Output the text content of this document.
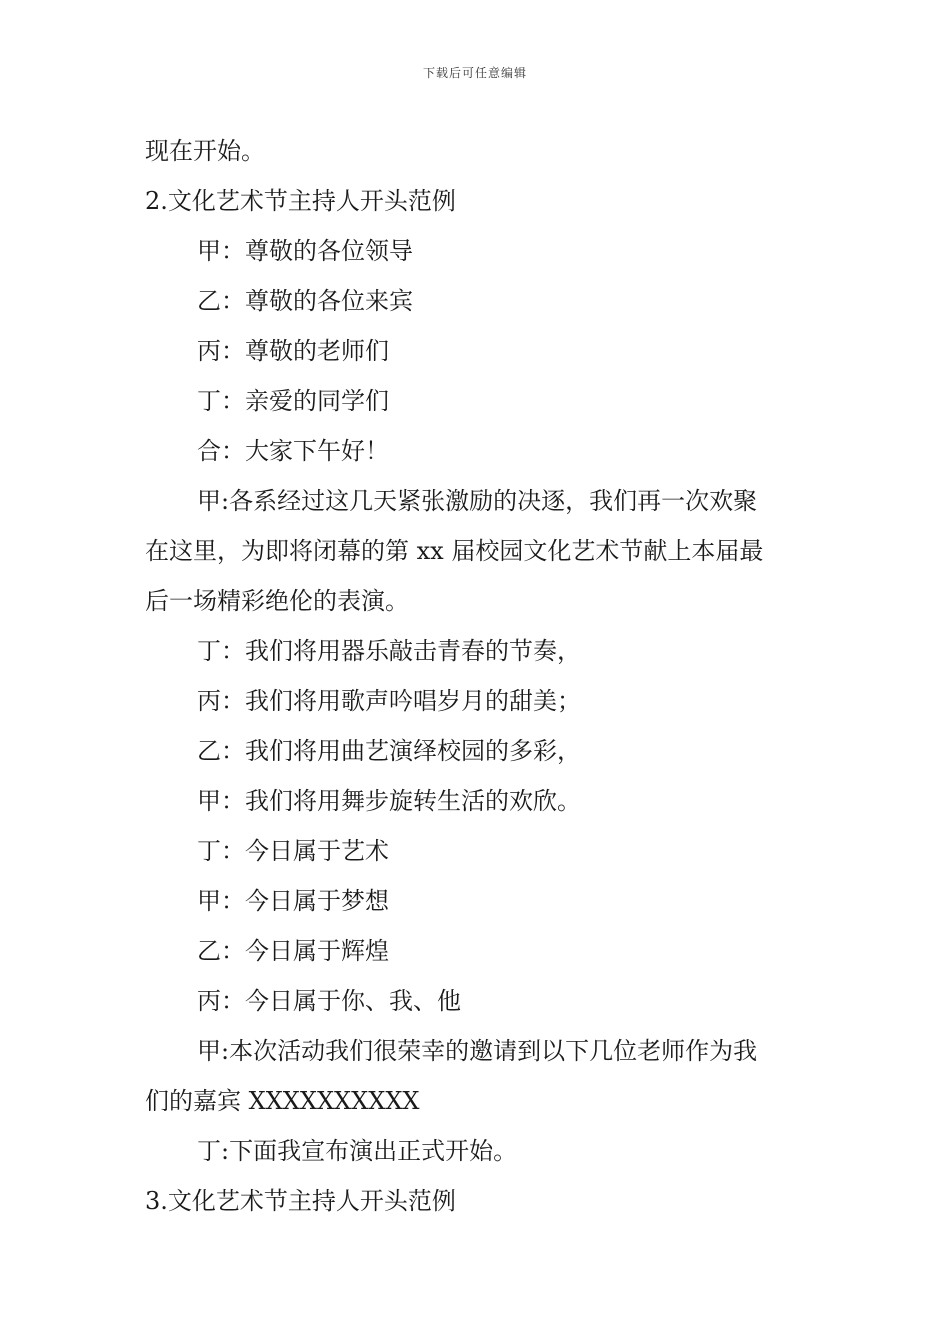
下载后可任意编辑
现在开始。
2.文化艺术节主持人开头范例
甲：尊敬的各位领导
乙：尊敬的各位来宾
丙：尊敬的老师们
丁：亲爱的同学们
合：大家下午好！
甲:各系经过这几天紧张激励的决逐，我们再一次欢聚
在这里，为即将闭幕的第 xx 届校园文化艺术节献上本届最
后一场精彩绝伦的表演。
丁：我们将用器乐敲击青春的节奏，
丙：我们将用歌声吟唱岁月的甜美；
乙：我们将用曲艺演绎校园的多彩，
甲：我们将用舞步旋转生活的欢欣。
丁：今日属于艺术
甲：今日属于梦想
乙：今日属于辉煌
丙：今日属于你、我、他
甲:本次活动我们很荣幸的邀请到以下几位老师作为我
们的嘉宾 XXXXXXXXXX
丁:下面我宣布演出正式开始。
3.文化艺术节主持人开头范例
